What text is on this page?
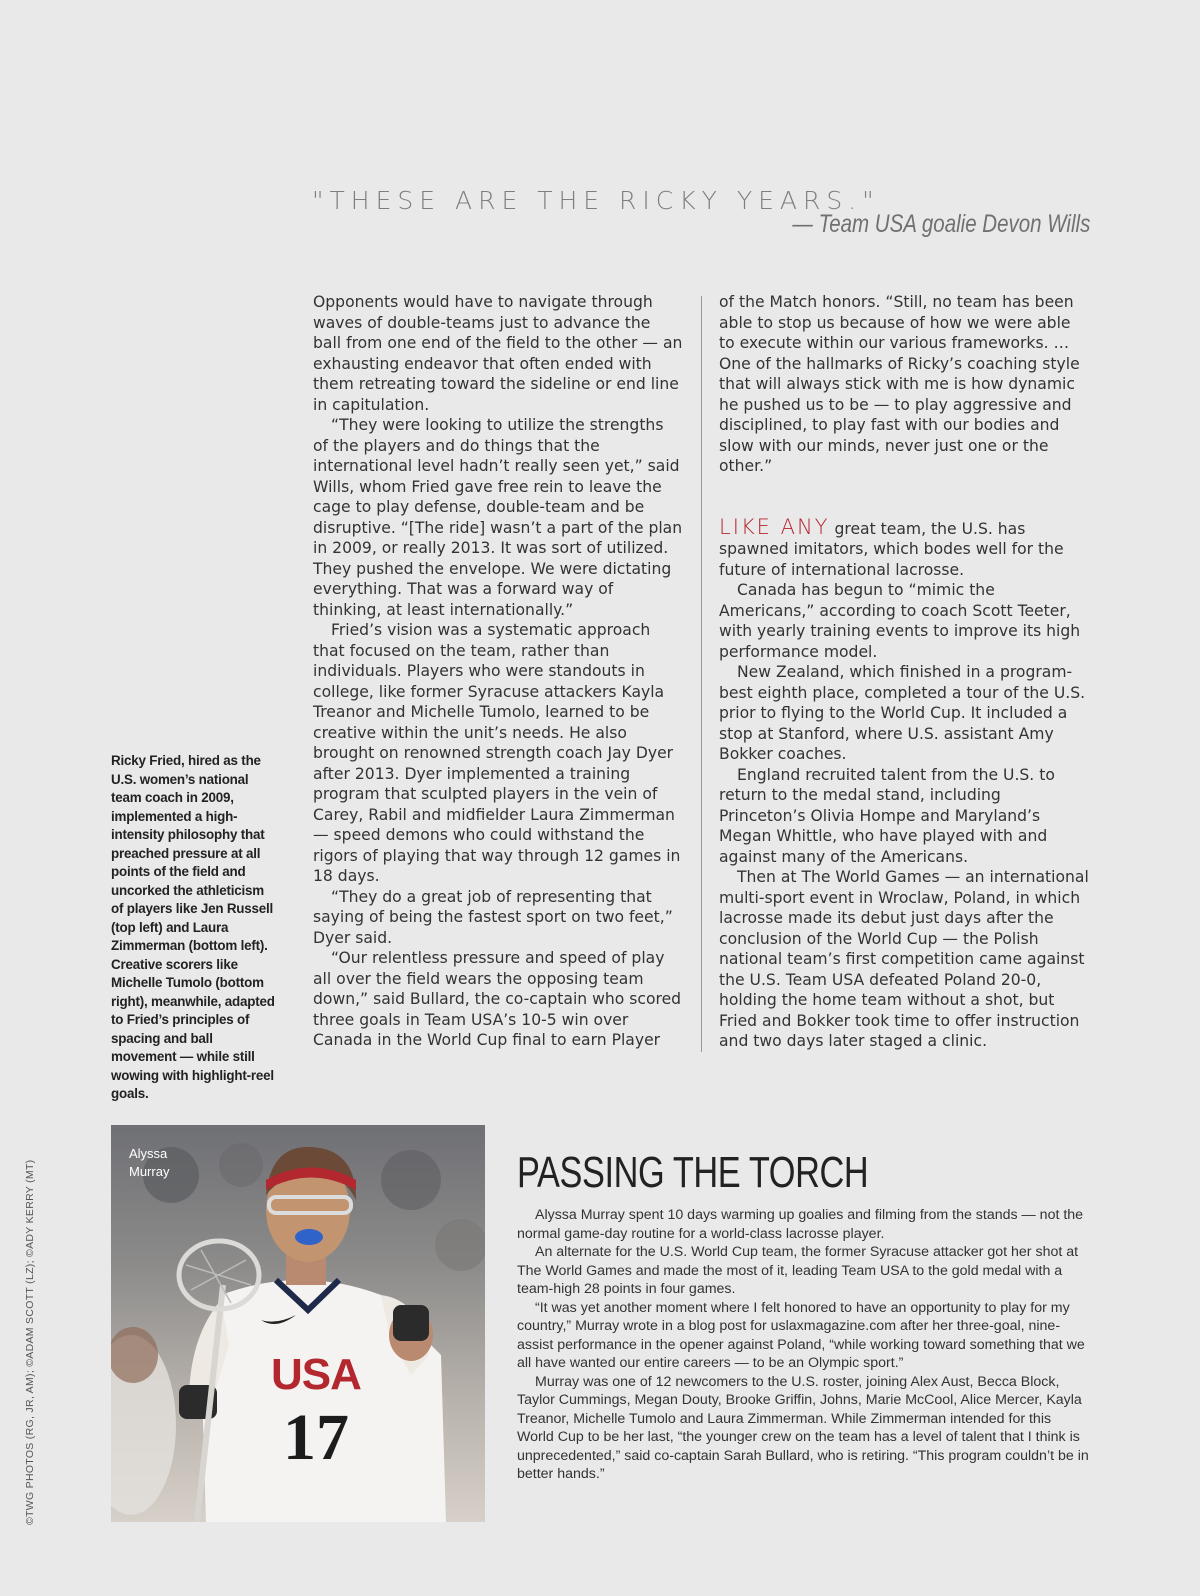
"THESE ARE THE RICKY YEARS."
— Team USA goalie Devon Wills

Opponents would have to navigate through waves of double-teams just to advance the ball from one end of the field to the other — an exhausting endeavor that often ended with them retreating toward the sideline or end line in capitulation.

“They were looking to utilize the strengths of the players and do things that the international level hadn’t really seen yet,” said Wills, whom Fried gave free rein to leave the cage to play defense, double-team and be disruptive. “[The ride] wasn’t a part of the plan in 2009, or really 2013. It was sort of utilized. They pushed the envelope. We were dictating everything. That was a forward way of thinking, at least internationally.”

Fried’s vision was a systematic approach that focused on the team, rather than individuals. Players who were standouts in college, like former Syracuse attackers Kayla Treanor and Michelle Tumolo, learned to be creative within the unit’s needs. He also brought on renowned strength coach Jay Dyer after 2013. Dyer implemented a training program that sculpted players in the vein of Carey, Rabil and midfielder Laura Zimmerman — speed demons who could withstand the rigors of playing that way through 12 games in 18 days.

“They do a great job of representing that saying of being the fastest sport on two feet,” Dyer said.

“Our relentless pressure and speed of play all over the field wears the opposing team down,” said Bullard, the co-captain who scored three goals in Team USA’s 10-5 win over Canada in the World Cup final to earn Player

of the Match honors. “Still, no team has been able to stop us because of how we were able to execute within our various frameworks. … One of the hallmarks of Ricky’s coaching style that will always stick with me is how dynamic he pushed us to be — to play aggressive and disciplined, to play fast with our bodies and slow with our minds, never just one or the other.”

LIKE ANY great team, the U.S. has spawned imitators, which bodes well for the future of international lacrosse.

Canada has begun to “mimic the Americans,” according to coach Scott Teeter, with yearly training events to improve its high performance model.

New Zealand, which finished in a program-best eighth place, completed a tour of the U.S. prior to flying to the World Cup. It included a stop at Stanford, where U.S. assistant Amy Bokker coaches.

England recruited talent from the U.S. to return to the medal stand, including Princeton’s Olivia Hompe and Maryland’s Megan Whittle, who have played with and against many of the Americans.

Then at The World Games — an international multi-sport event in Wroclaw, Poland, in which lacrosse made its debut just days after the conclusion of the World Cup — the Polish national team’s first competition came against the U.S. Team USA defeated Poland 20-0, holding the home team without a shot, but Fried and Bokker took time to offer instruction and two days later staged a clinic.

Ricky Fried, hired as the U.S. women’s national team coach in 2009, implemented a high-intensity philosophy that preached pressure at all points of the field and uncorked the athleticism of players like Jen Russell (top left) and Laura Zimmerman (bottom left). Creative scorers like Michelle Tumolo (bottom right), meanwhile, adapted to Fried’s principles of spacing and ball movement — while still wowing with highlight-reel goals.
©TWG PHOTOS (RG, JR, AM); ©ADAM SCOTT (LZ); ©ADY KERRY (MT)	USA
17
Alyssa Murray	PASSING THE TORCH

Alyssa Murray spent 10 days warming up goalies and filming from the stands — not the normal game-day routine for a world-class lacrosse player.

An alternate for the U.S. World Cup team, the former Syracuse attacker got her shot at The World Games and made the most of it, leading Team USA to the gold medal with a team-high 28 points in four games.

“It was yet another moment where I felt honored to have an opportunity to play for my country,” Murray wrote in a blog post for uslaxmagazine.com after her three-goal, nine-assist performance in the opener against Poland, “while working toward something that we all have wanted our entire careers — to be an Olympic sport.”

Murray was one of 12 newcomers to the U.S. roster, joining Alex Aust, Becca Block, Taylor Cummings, Megan Douty, Brooke Griffin, Johns, Marie McCool, Alice Mercer, Kayla Treanor, Michelle Tumolo and Laura Zimmerman. While Zimmerman intended for this World Cup to be her last, “the younger crew on the team has a level of talent that I think is unprecedented,” said co-captain Sarah Bullard, who is retiring. “This program couldn’t be in better hands.”
